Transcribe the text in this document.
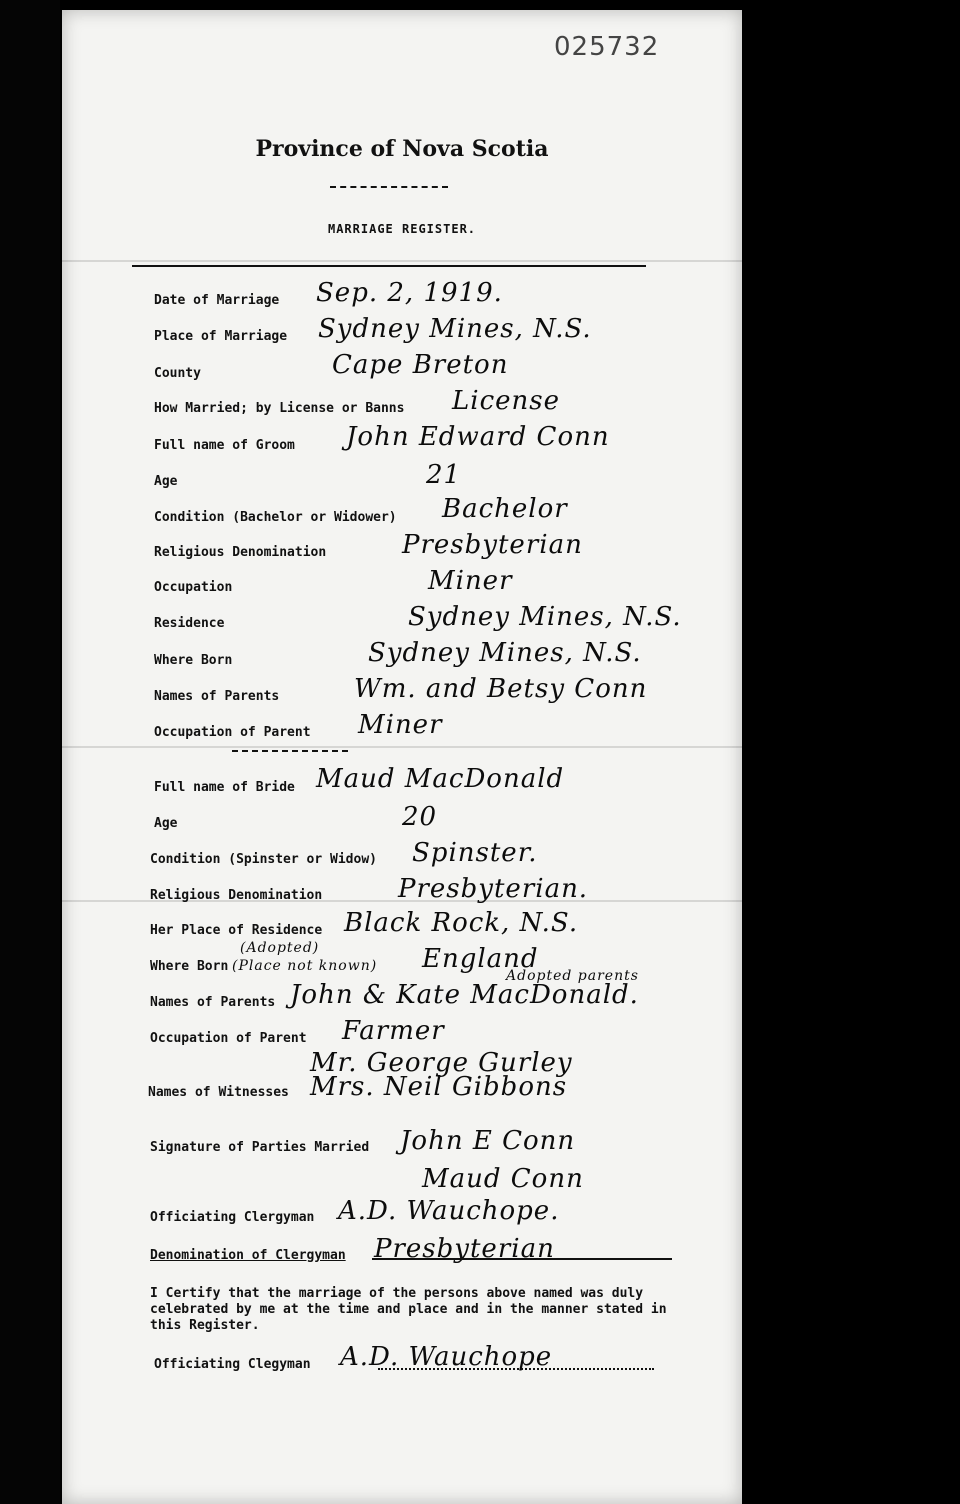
025732
Province of Nova Scotia
MARRIAGE REGISTER.
Date of Marriage Sep. 2, 1919.
Place of Marriage Sydney Mines, N.S.
County	Cape Breton
How Married; by License or Banns License
Full name of Groom John Edward Conn
Age	21
Condition (Bachelor or Widower) Bachelor
Religious Denomination	Presbyterian
Occupation	Miner
Residence	Sydney Mines, N.S.
Where Born	Sydney Mines, N.S.
Names of Parents	Wm. and Betsy Conn
Occupation of Parent Miner
Full name of Bride Maud MacDonald
Age	20
Condition (Spinster or Widow) Spinster.
Religious Denomination	Presbyterian.
Her Place of Residence Black Rock, N.S.
(Adopted)
Where Born (Place not known) England
Adopted parents
Names of Parents John & Kate MacDonald.
Occupation of Parent Farmer
Mr. George Gurley
Names of Witnesses Mrs. Neil Gibbons
Signature of Parties Married John E Conn
Maud Conn
Officiating Clergyman A.D. Wauchope.
Denomination of Clergyman Presbyterian
I Certify that the marriage of the persons above named was duly celebrated by me at the time and place and in the manner stated in this Register.
Officiating Clegyman A.D. Wauchope
